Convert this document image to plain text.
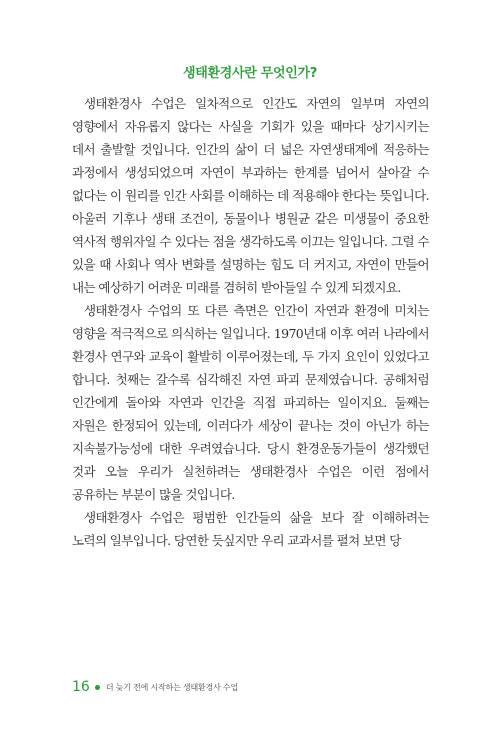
생태환경사란 무엇인가?

생태환경사 수업은 일차적으로 인간도 자연의 일부며 자연의 영향에서 자유롭지 않다는 사실을 기회가 있을 때마다 상기시키는 데서 출발할 것입니다. 인간의 삶이 더 넓은 자연생태계에 적응하는 과정에서 생성되었으며 자연이 부과하는 한계를 넘어서 살아갈 수 없다는 이 원리를 인간 사회를 이해하는 데 적용해야 한다는 뜻입니다. 아울러 기후나 생태 조건이, 동물이나 병원균 같은 미생물이 중요한 역사적 행위자일 수 있다는 점을 생각하도록 이끄는 일입니다. 그럴 수 있을 때 사회나 역사 변화를 설명하는 힘도 더 커지고, 자연이 만들어 내는 예상하기 어려운 미래를 겸허히 받아들일 수 있게 되겠지요.

생태환경사 수업의 또 다른 측면은 인간이 자연과 환경에 미치는 영향을 적극적으로 의식하는 일입니다. 1970년대 이후 여러 나라에서 환경사 연구와 교육이 활발히 이루어졌는데, 두 가지 요인이 있었다고 합니다. 첫째는 갈수록 심각해진 자연 파괴 문제였습니다. 공해처럼 인간에게 돌아와 자연과 인간을 직접 파괴하는 일이지요. 둘째는 자원은 한정되어 있는데, 이러다가 세상이 끝나는 것이 아닌가 하는 지속불가능성에 대한 우려였습니다. 당시 환경운동가들이 생각했던 것과 오늘 우리가 실천하려는 생태환경사 수업은 이런 점에서 공유하는 부분이 많을 것입니다.

생태환경사 수업은 평범한 인간들의 삶을 보다 잘 이해하려는 노력의 일부입니다. 당연한 듯싶지만 우리 교과서를 펼쳐 보면 당

16 더 늦기 전에 시작하는 생태환경사 수업
